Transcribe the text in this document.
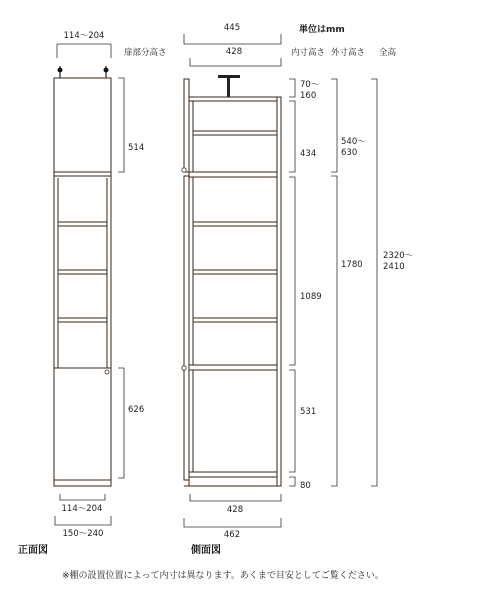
単位はmm
扉部分高さ	内寸高さ 外寸高さ 全高
114～204
514
626
114～204
150～240
正面図
445
428
428
462
側面図
70～
160
434
1089
531
80
540～
630
1780
2320～
2410
※棚の設置位置によって内寸は異なります。あくまで目安としてご覧ください。
